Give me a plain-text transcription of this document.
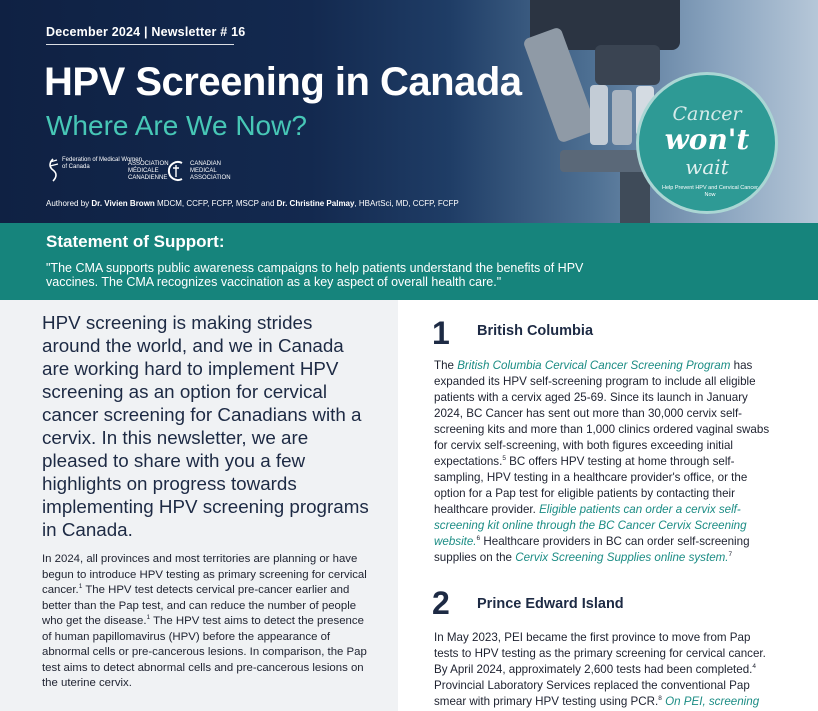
December 2024 | Newsletter # 16
HPV Screening in Canada
Where Are We Now?
Federation of Medical Women of Canada	ASSOCIATION MÉDICALE CANADIENNE
CANADIAN MEDICAL ASSOCIATION
Authored by Dr. Vivien Brown MDCM, CCFP, FCFP, MSCP and Dr. Christine Palmay, HBArtSci, MD, CCFP, FCFP
Cancer
won't
wait
Help Prevent HPV and Cervical Cancer Now
Statement of Support:
"The CMA supports public awareness campaigns to help patients understand the benefits of HPV vaccines. The CMA recognizes vaccination as a key aspect of overall health care."
HPV screening is making strides around the world, and we in Canada are working hard to implement HPV screening as an option for cervical cancer screening for Canadians with a cervix. In this newsletter, we are pleased to share with you a few highlights on progress towards implementing HPV screening programs in Canada.
In 2024, all provinces and most territories are planning or have begun to introduce HPV testing as primary screening for cervical cancer.$^1$ The HPV test detects cervical pre-cancer earlier and better than the Pap test, and can reduce the number of people who get the disease.$^1$ The HPV test aims to detect the presence of human papillomavirus (HPV) before the appearance of abnormal cells or pre-cancerous lesions. In comparison, the Pap test aims to detect abnormal cells and pre-cancerous lesions on the uterine cervix.
1 British Columbia
The British Columbia Cervical Cancer Screening Program has expanded its HPV self-screening program to include all eligible patients with a cervix aged 25-69. Since its launch in January 2024, BC Cancer has sent out more than 30,000 cervix self-screening kits and more than 1,000 clinics ordered vaginal swabs for cervix self-screening, with both figures exceeding initial expectations.$^5$ BC offers HPV testing at home through self-sampling, HPV testing in a healthcare provider's office, or the option for a Pap test for eligible patients by contacting their healthcare provider. Eligible patients can order a cervix self-screening kit online through the BC Cancer Cervix Screening website.$^6$ Healthcare providers in BC can order self-screening supplies on the Cervix Screening Supplies online system.$^7$
2 Prince Edward Island
In May 2023, PEI became the first province to move from Pap tests to HPV testing as the primary screening for cervical cancer. By April 2024, approximately 2,600 tests had been completed.$^4$ Provincial Laboratory Services replaced the conventional Pap smear with primary HPV testing using PCR.$^8$ On PEI, screening
